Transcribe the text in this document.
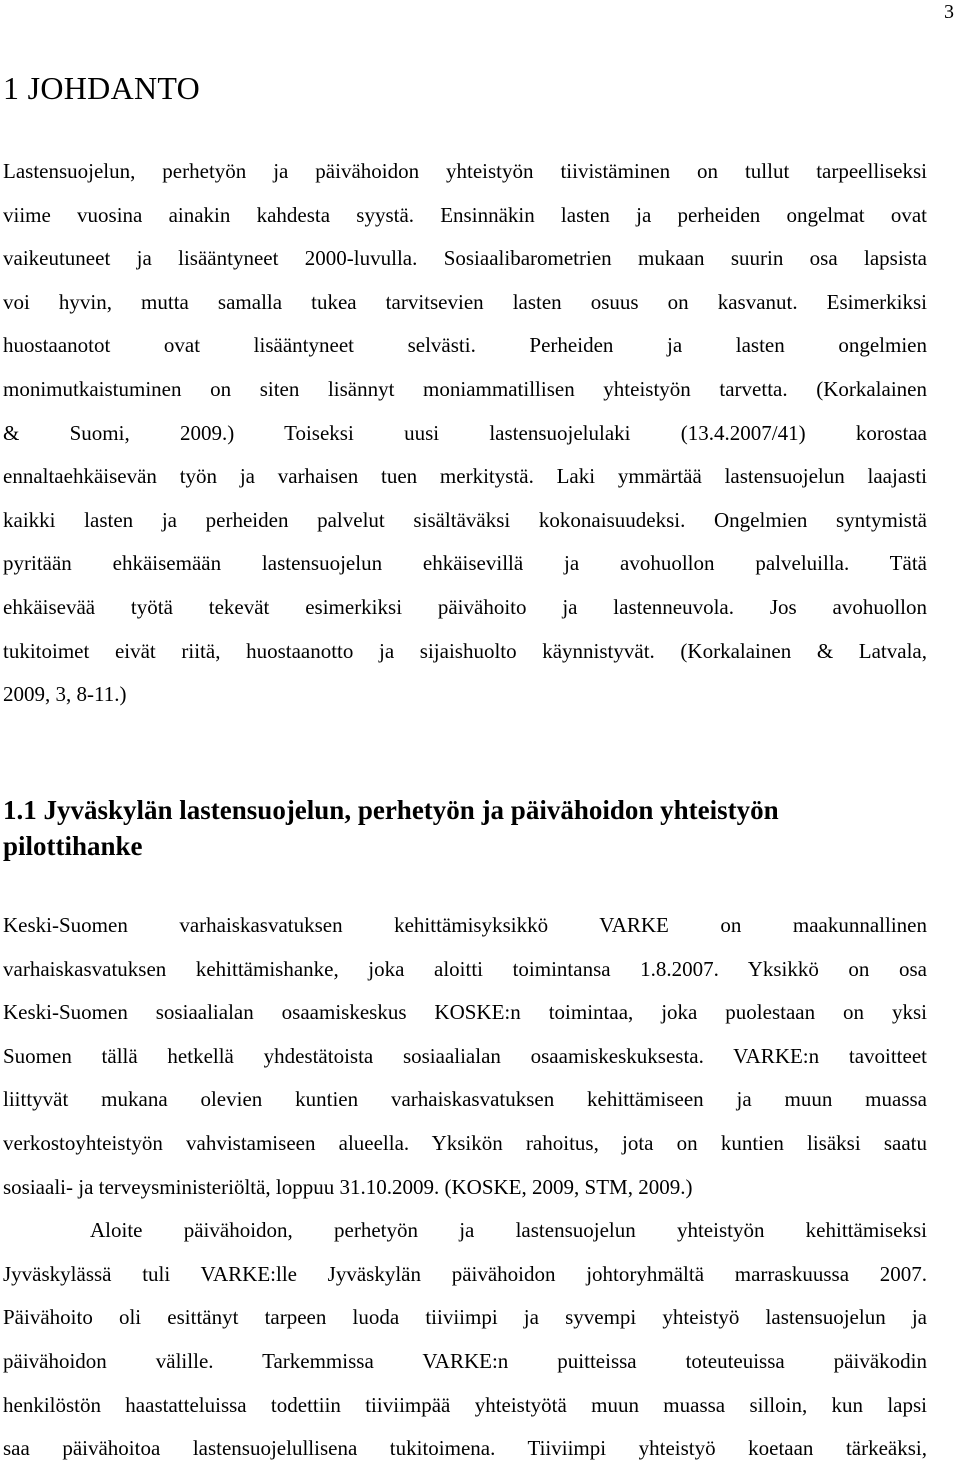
3
1 JOHDANTO
Lastensuojelun, perhetyön ja päivähoidon yhteistyön tiivistäminen on tullut tarpeelliseksi
viime vuosina ainakin kahdesta syystä. Ensinnäkin lasten ja perheiden ongelmat ovat
vaikeutuneet ja lisääntyneet 2000-luvulla. Sosiaalibarometrien mukaan suurin osa lapsista
voi hyvin, mutta samalla tukea tarvitsevien lasten osuus on kasvanut. Esimerkiksi
huostaanotot ovat lisääntyneet selvästi. Perheiden ja lasten ongelmien
monimutkaistuminen on siten lisännyt moniammatillisen yhteistyön tarvetta. (Korkalainen
& Suomi, 2009.) Toiseksi uusi lastensuojelulaki (13.4.2007/41) korostaa
ennaltaehkäisevän työn ja varhaisen tuen merkitystä. Laki ymmärtää lastensuojelun laajasti
kaikki lasten ja perheiden palvelut sisältäväksi kokonaisuudeksi. Ongelmien syntymistä
pyritään ehkäisemään lastensuojelun ehkäisevillä ja avohuollon palveluilla. Tätä
ehkäisevää työtä tekevät esimerkiksi päivähoito ja lastenneuvola. Jos avohuollon
tukitoimet eivät riitä, huostaanotto ja sijaishuolto käynnistyvät. (Korkalainen & Latvala,
2009, 3, 8-11.)
1.1 Jyväskylän lastensuojelun, perhetyön ja päivähoidon yhteistyön
pilottihanke
Keski-Suomen varhaiskasvatuksen kehittämisyksikkö VARKE on maakunnallinen
varhaiskasvatuksen kehittämishanke, joka aloitti toimintansa 1.8.2007. Yksikkö on osa
Keski-Suomen sosiaalialan osaamiskeskus KOSKE:n toimintaa, joka puolestaan on yksi
Suomen tällä hetkellä yhdestätoista sosiaalialan osaamiskeskuksesta. VARKE:n tavoitteet
liittyvät mukana olevien kuntien varhaiskasvatuksen kehittämiseen ja muun muassa
verkostoyhteistyön vahvistamiseen alueella. Yksikön rahoitus, jota on kuntien lisäksi saatu
sosiaali- ja terveysministeriöltä, loppuu 31.10.2009. (KOSKE, 2009, STM, 2009.)
Aloite päivähoidon, perhetyön ja lastensuojelun yhteistyön kehittämiseksi
Jyväskylässä tuli VARKE:lle Jyväskylän päivähoidon johtoryhmältä marraskuussa 2007.
Päivähoito oli esittänyt tarpeen luoda tiiviimpi ja syvempi yhteistyö lastensuojelun ja
päivähoidon välille. Tarkemmissa VARKE:n puitteissa toteuteuissa päiväkodin
henkilöstön haastatteluissa todettiin tiiviimpää yhteistyötä muun muassa silloin, kun lapsi
saa päivähoitoa lastensuojelullisena tukitoimena. Tiiviimpi yhteistyö koetaan tärkeäksi,
